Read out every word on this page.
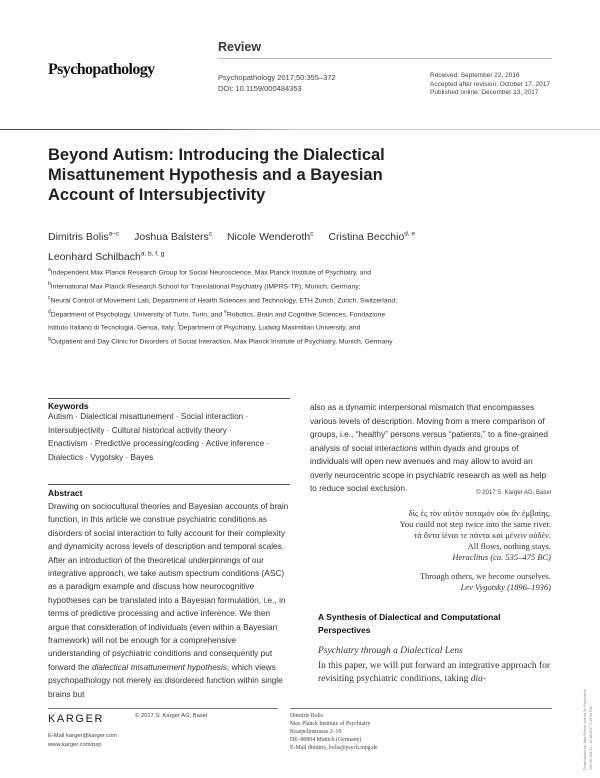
Review
Psychopathology	Psychopathology 2017;50:355–372
DOI: 10.1159/000484353
Received: September 22, 2016
Accepted after revision: October 17, 2017
Published online: December 13, 2017
Beyond Autism: Introducing the Dialectical
Misattunement Hypothesis and a Bayesian
Account of Intersubjectivity
Dimitris Bolis$^{a-c}$ Joshua Balsters$^c$ Nicole Wenderoth$^c$ Cristina Becchio$^{d, e}$
Leonhard Schilbach$^{a, b, f, g}$
$^a$Independent Max Planck Research Group for Social Neuroscience, Max Planck Institute of Psychiatry, and
$^b$International Max Planck Research School for Translational Psychiatry (IMPRS-TP), Munich, Germany;
$^c$Neural Control of Movement Lab, Department of Health Sciences and Technology, ETH Zurich, Zurich, Switzerland;
$^d$Department of Psychology, University of Turin, Turin, and $^e$Robotics, Brain and Cognitive Sciences, Fondazione
Istituto Italiano di Tecnologia, Genoa, Italy; $^f$Department of Psychiatry, Ludwig Maximilian University, and
$^g$Outpatient and Day Clinic for Disorders of Social Interaction, Max Planck Institute of Psychiatry, Munich, Germany
Keywords
Autism · Dialectical misattunement · Social interaction ·
Intersubjectivity · Cultural historical activity theory ·
Enactivism · Predictive processing/coding · Active inference ·
Dialectics · Vygotsky · Bayes
Abstract

Drawing on sociocultural theories and Bayesian accounts of brain function, in this article we construe psychiatric conditions as disorders of social interaction to fully account for their complexity and dynamicity across levels of description and temporal scales. After an introduction of the theoretical underpinnings of our integrative approach, we take autism spectrum conditions (ASC) as a paradigm example and discuss how neurocognitive hypotheses can be translated into a Bayesian formulation, i.e., in terms of predictive processing and active inference. We then argue that consideration of individuals (even within a Bayesian framework) will not be enough for a comprehensive understanding of psychiatric conditions and consequently put forward the dialectical misattunement hypothesis, which views psychopathology not merely as disordered function within single brains but

also as a dynamic interpersonal mismatch that encompasses various levels of description. Moving from a mere comparison of groups, i.e., “healthy” persons versus “patients,” to a fine-grained analysis of social interactions within dyads and groups of individuals will open new avenues and may allow to avoid an overly neurocentric scope in psychiatric research as well as help to reduce social exclusion.	© 2017 S. Karger AG, Basel
δὶς ἐς τὸν αὐτὸν ποταμὸν οὐκ ἂν ἐμβαίης.
You could not step twice into the same river.
τὰ ὄντα ἰέναι τε πάντα καὶ μένειν οὐδέν.
All flows, nothing stays.
Heraclitus (ca. 535–475 BC)
Through others, we become ourselves.
Lev Vygotsky (1896–1936)
A Synthesis of Dialectical and Computational Perspectives
Psychiatry through a Dialectical Lens
In this paper, we will put forward an integrative approach for revisiting psychiatric conditions, taking dia-
KARGER	© 2017 S. Karger AG, Basel
E-Mail karger@karger.com
www.karger.com/psp
Dimitris Bolis
Max Planck Institute of Psychiatry
Kraepelinstrasse 2–10
DE–80804 Munich (Germany)
E-Mail dimitris_bolis@psych.mpg.de	Downloaded by: Max Planck Institut für Psychiatrie 194.95.158.21 - 12/18/2017 2:59:50 PM
